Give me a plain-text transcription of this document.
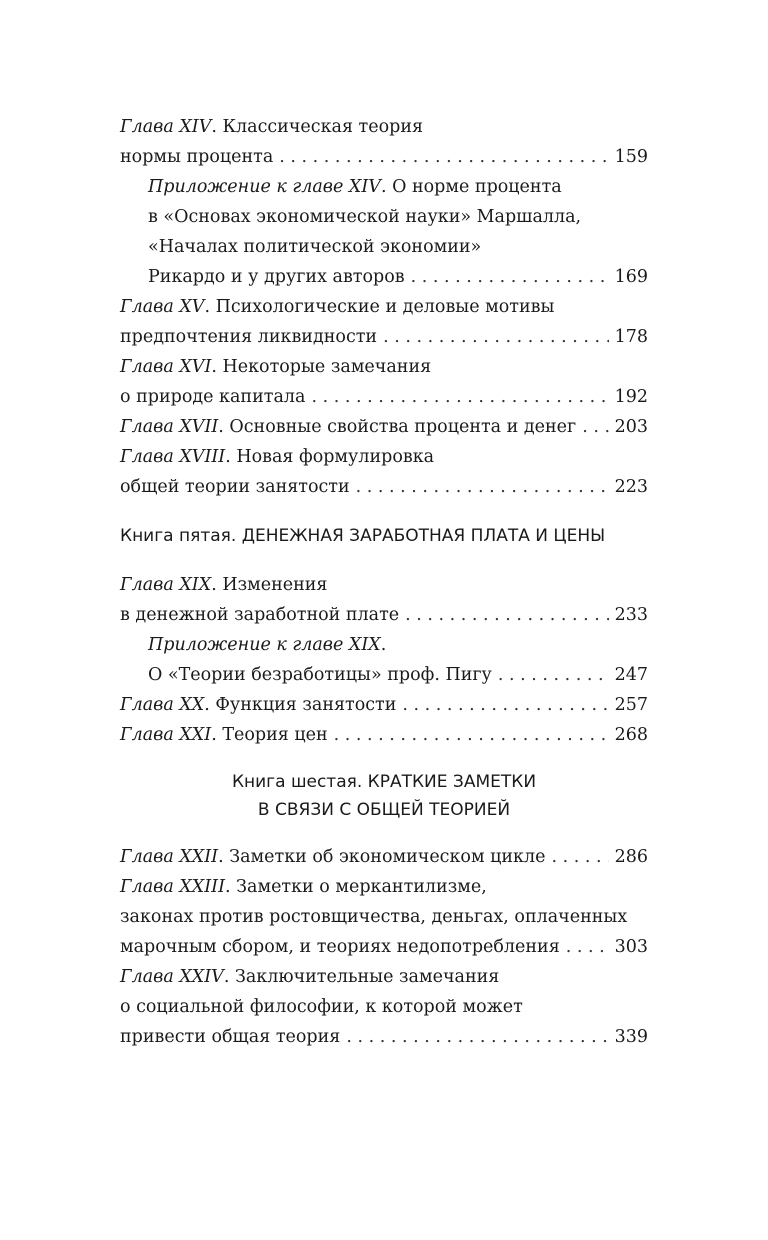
Глава XIV . Классическая теория
нормы процента . . .	159
Приложение к главе XIV . О норме процента
в «Основах экономической науки» Маршалла,
«Началах политической экономии»
Рикардо и у других авторов . . .	169
Глава XV . Психологические и деловые мотивы
предпочтения ликвидности . . .	178
Глава XVI . Некоторые замечания
о природе капитала . . .	192
Глава XVII . Основные свойства процента и денег . . . 203
Глава XVIII . Новая формулировка
общей теории занятости . . .	223
Книга пятая. ДЕНЕЖНАЯ ЗАРАБОТНАЯ ПЛАТА И ЦЕНЫ
Глава XIX . Изменения
в денежной заработной плате . . .	233
Приложение к главе XIX .
О «Теории безработицы» проф. Пигу . . .	247
Глава XX . Функция занятости . . .	257
Глава XXI . Теория цен . . .	268
Книга шестая. КРАТКИЕ ЗАМЕТКИ
В СВЯЗИ С ОБЩЕЙ ТЕОРИЕЙ
Глава XXII . Заметки об экономическом цикле . . .	286
Глава XXIII . Заметки о меркантилизме,
законах против ростовщичества, деньгах, оплаченных
марочным сбором, и теориях недопотребления . . .	303
Глава XXIV . Заключительные замечания
о социальной философии, к которой может
привести общая теория . . .	339
